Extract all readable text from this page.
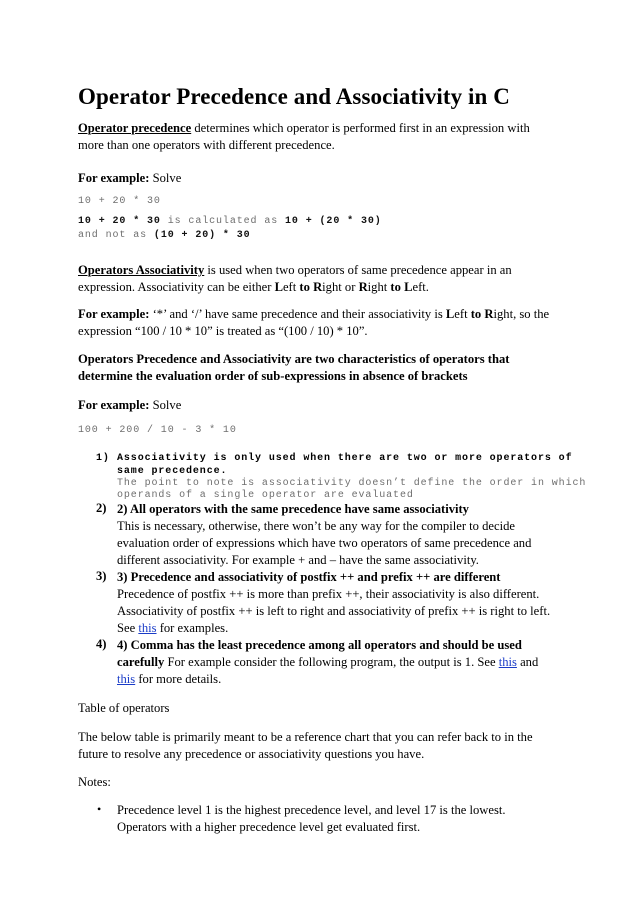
Operator Precedence and Associativity in C
Operator precedence determines which operator is performed first in an expression with
more than one operators with different precedence.
For example: Solve
10 + 20 * 30
10 + 20 * 30 is calculated as 10 + (20 * 30)
and not as (10 + 20) * 30
Operators Associativity is used when two operators of same precedence appear in an
expression. Associativity can be either Left to Right or Right to Left.
For example: ‘*’ and ‘/’ have same precedence and their associativity is Left to Right, so the
expression “100 / 10 * 10” is treated as “(100 / 10) * 10”.
Operators Precedence and Associativity are two characteristics of operators that
determine the evaluation order of sub-expressions in absence of brackets
For example: Solve
100 + 200 / 10 - 3 * 10
1) Associativity is only used when there are two or more operators of
same precedence.
The point to note is associativity doesn’t define the order in which
operands of a single operator are evaluated
2) 2) All operators with the same precedence have same associativity
This is necessary, otherwise, there won’t be any way for the compiler to decide
evaluation order of expressions which have two operators of same precedence and
different associativity. For example + and – have the same associativity.
3) 3) Precedence and associativity of postfix ++ and prefix ++ are different
Precedence of postfix ++ is more than prefix ++, their associativity is also different.
Associativity of postfix ++ is left to right and associativity of prefix ++ is right to left.
See this for examples.
4) 4) Comma has the least precedence among all operators and should be used
carefully For example consider the following program, the output is 1. See this and
this for more details.
Table of operators
The below table is primarily meant to be a reference chart that you can refer back to in the
future to resolve any precedence or associativity questions you have.
Notes:
• Precedence level 1 is the highest precedence level, and level 17 is the lowest.
Operators with a higher precedence level get evaluated first.
